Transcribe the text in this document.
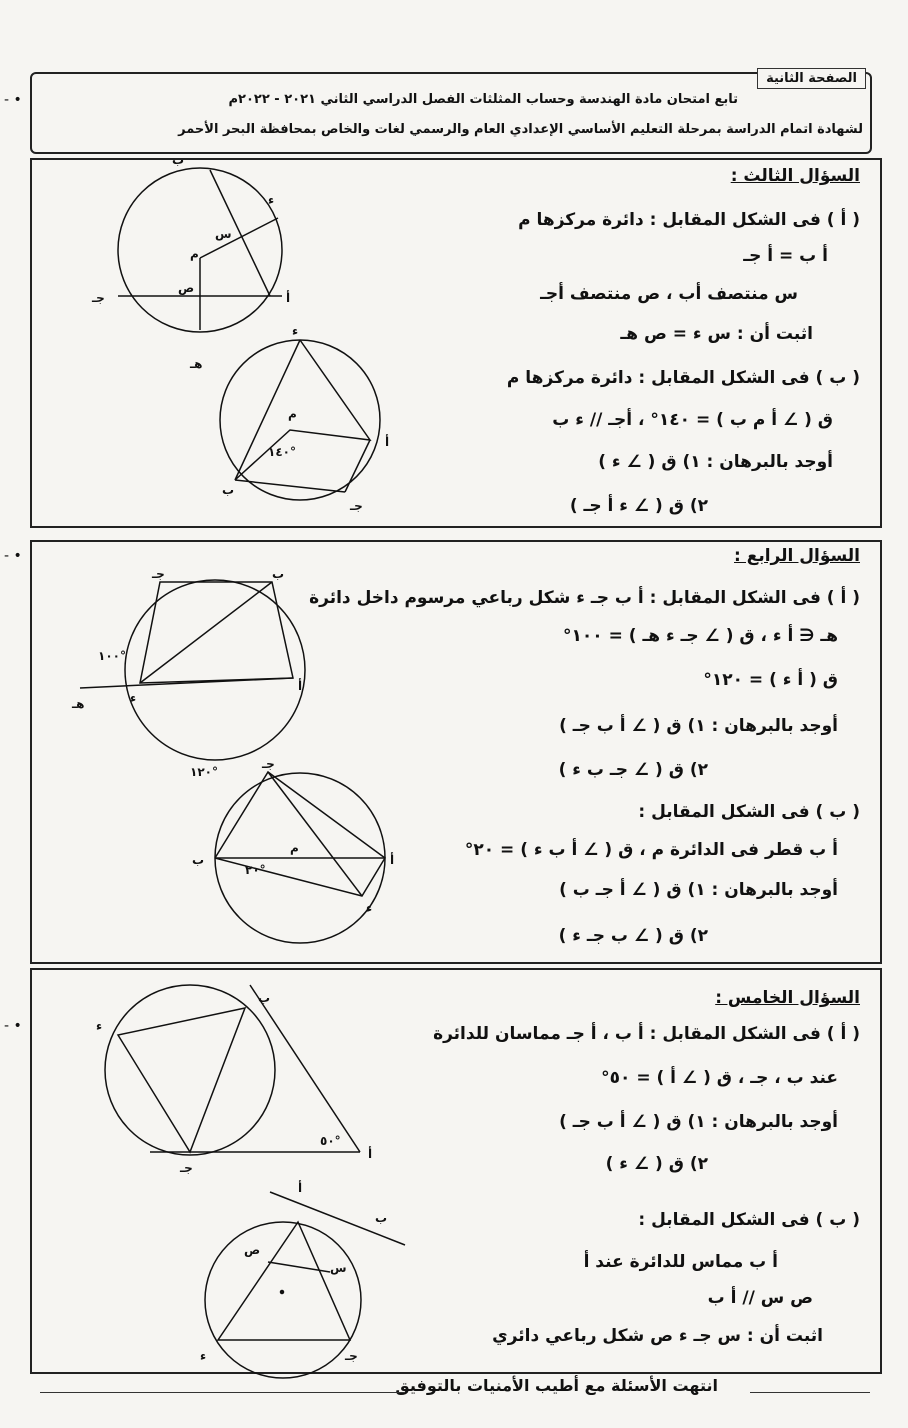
الصفحة الثانية
تابع امتحان مادة الهندسة وحساب المثلثات الفصل الدراسي الثاني ٢٠٢١ - ٢٠٢٢م
لشهادة اتمام الدراسة بمرحلة التعليم الأساسي الإعدادي العام والرسمي لغات والخاص بمحافظة البحر الأحمر
- •
- •
- •
السؤال الثالث :
( أ ) فى الشكل المقابل : دائرة مركزها م
أ ب = أ جـ
س منتصف أب ، ص منتصف أجـ
اثبت أن : س ء = ص هـ
( ب ) فى الشكل المقابل : دائرة مركزها م
ق ( ∠ أ م ب ) = ١٤٠° ، أجـ // ء ب
أوجد بالبرهان : ١) ق ( ∠ ء )
٢) ق ( ∠ ء أ جـ )
السؤال الرابع :
( أ ) فى الشكل المقابل : أ ب جـ ء شكل رباعي مرسوم داخل دائرة
هـ ∈ أ ء ، ق ( ∠ جـ ء هـ ) = ١٠٠°
ق ( أ ء ) = ١٢٠°
أوجد بالبرهان : ١) ق ( ∠ أ ب جـ )
٢) ق ( ∠ جـ ب ء )
( ب ) فى الشكل المقابل :
أ ب قطر فى الدائرة م ، ق ( ∠ أ ب ء ) = ٢٠°
أوجد بالبرهان : ١) ق ( ∠ أ جـ ب )
٢) ق ( ∠ ب جـ ء )
السؤال الخامس :
( أ ) فى الشكل المقابل : أ ب ، أ جـ مماسان للدائرة
عند ب ، جـ ، ق ( ∠ أ ) = ٥٠°
أوجد بالبرهان : ١) ق ( ∠ أ ب جـ )
٢) ق ( ∠ ء )
( ب ) فى الشكل المقابل :
أ ب مماس للدائرة عند أ
ص س // أ ب
اثبت أن : س جـ ء ص شكل رباعي دائري
انتهت الأسئلة مع أطيب الأمنيات بالتوفيق
ب
أ
جـ
هـ
م
س
ص
ء
أ
ب
جـ
ء
م
١٤٠°
جـ	ب
أ
ء
هـ
١٠٠°
١٢٠°
جـ
ب	أ
ء
م
٢٠°
ب
ء
جـ
أ
٥٠°
أ
ب
ص
س
ء	جـ
